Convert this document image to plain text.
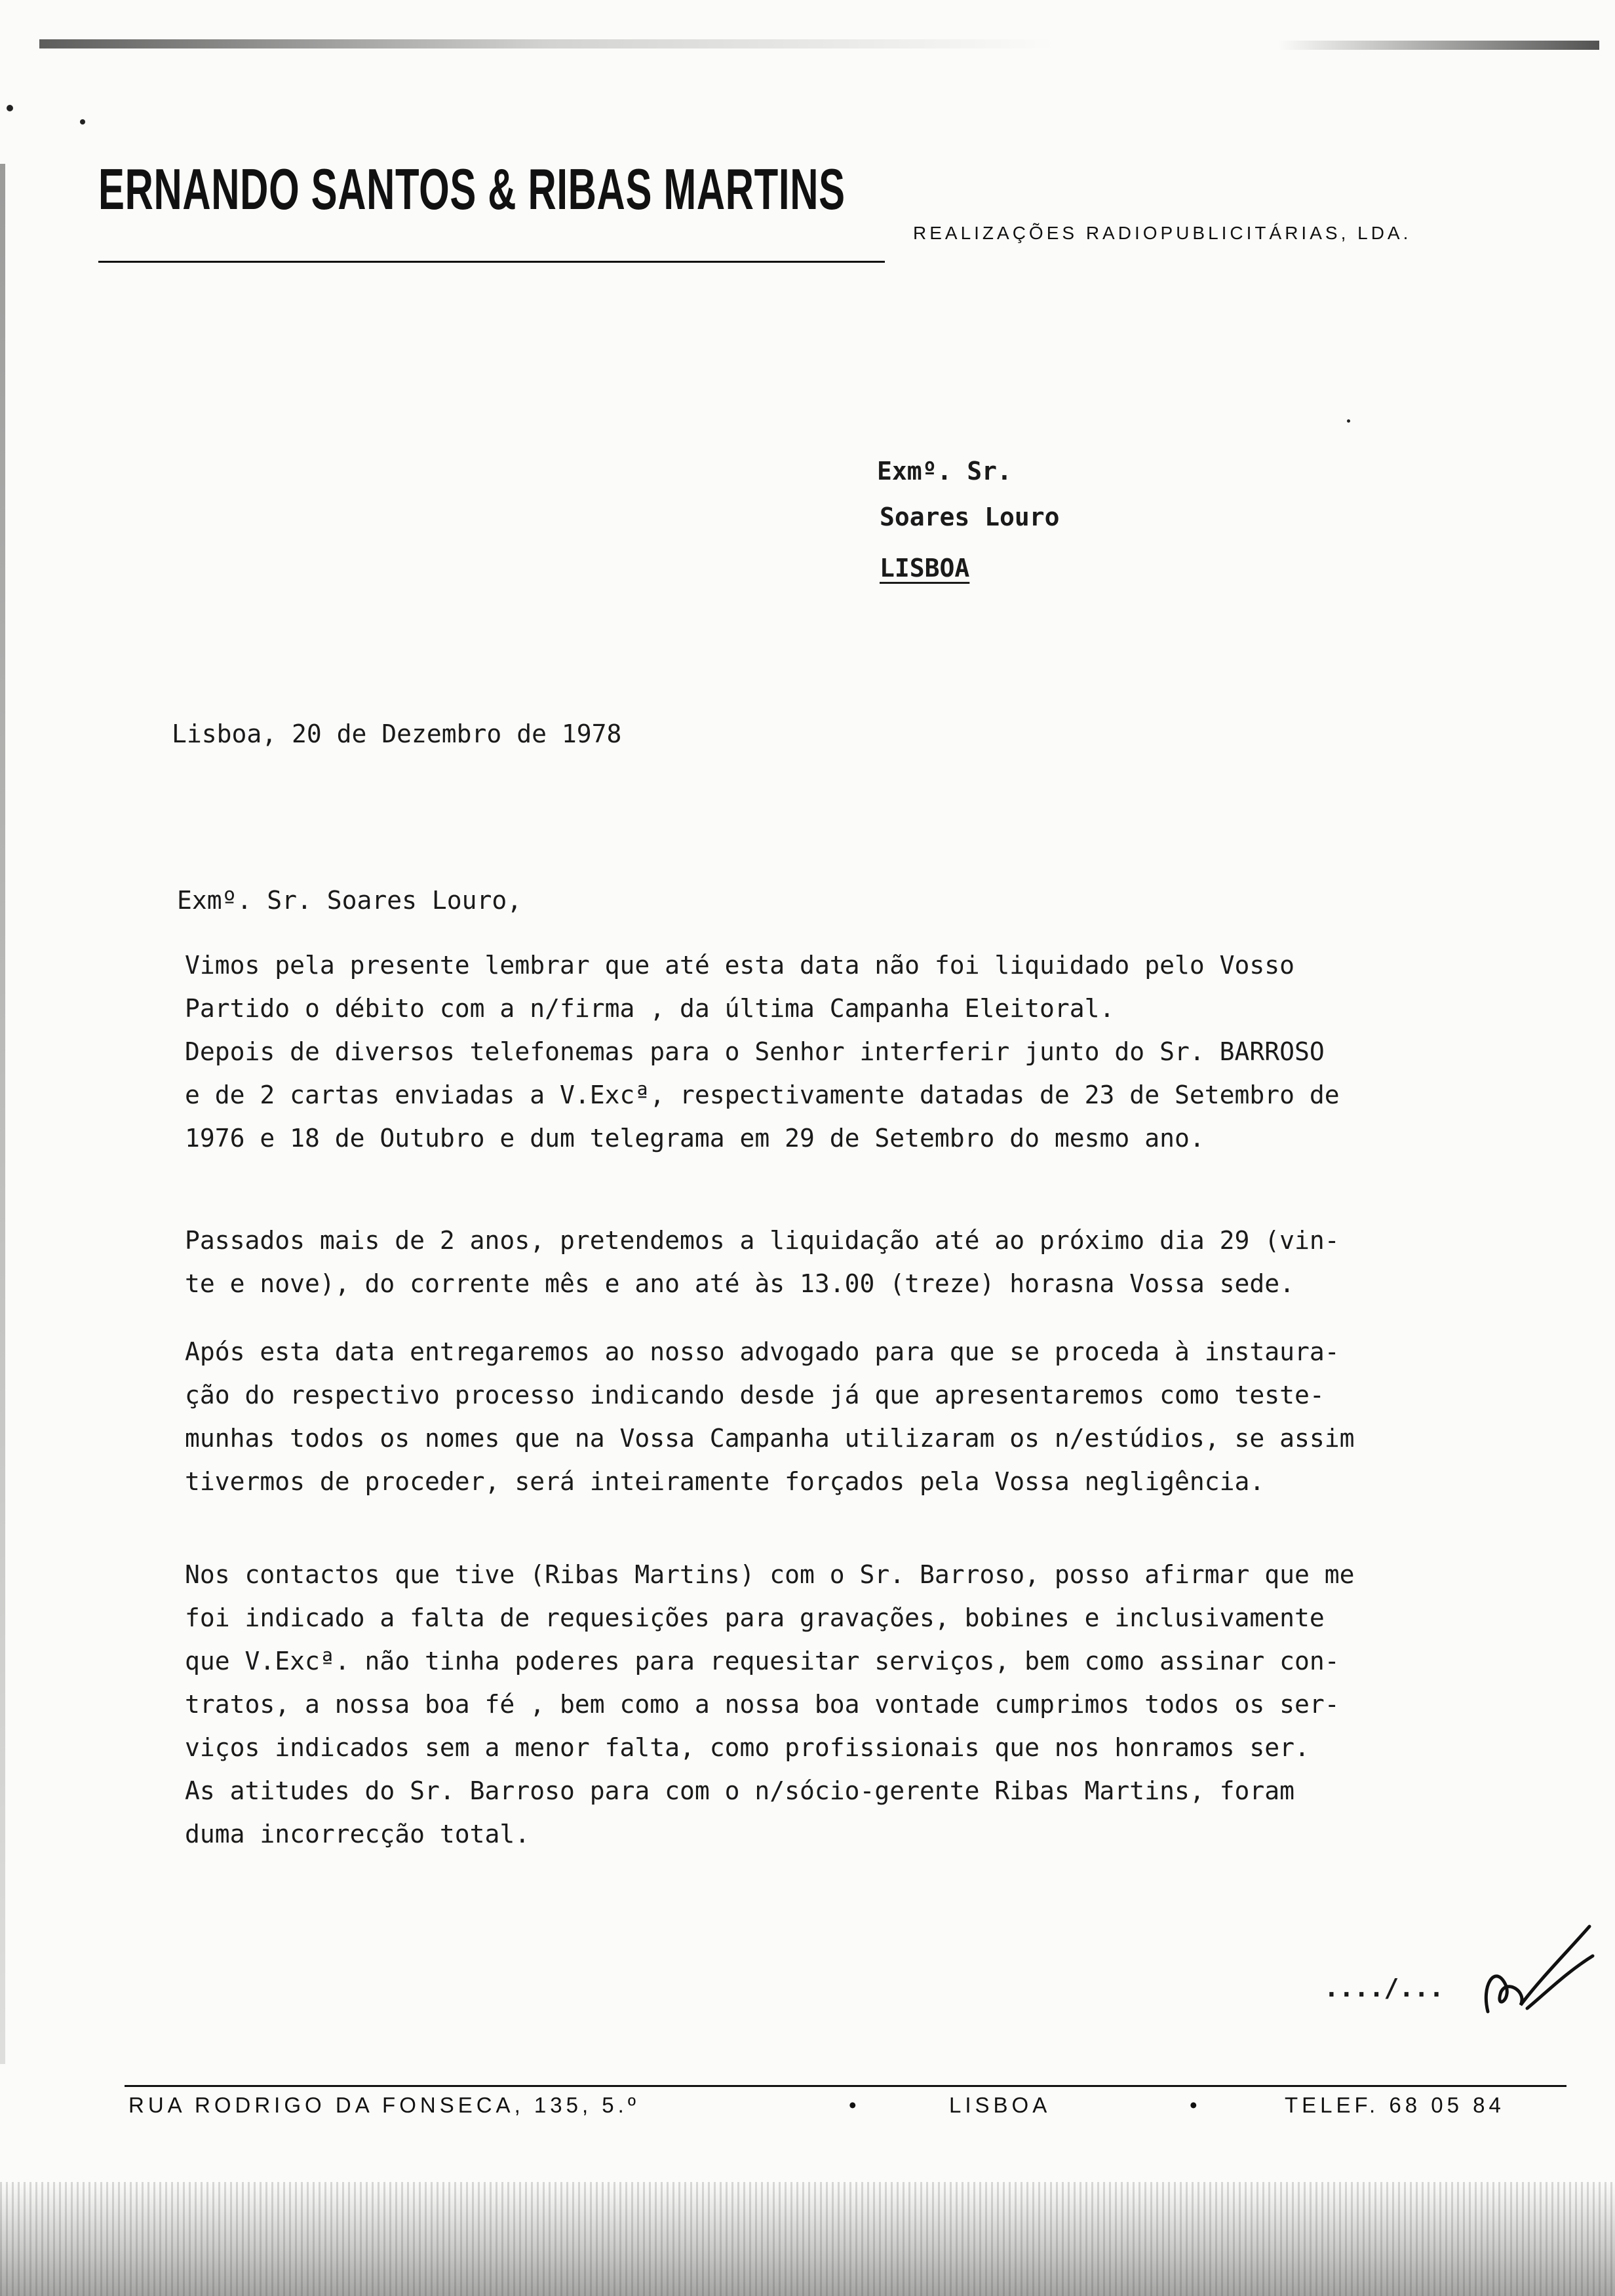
ERNANDO SANTOS & RIBAS MARTINS
REALIZAÇÕES RADIOPUBLICITÁRIAS, LDA.
Exmº. Sr.
Soares Louro
LISBOA
Lisboa, 20 de Dezembro de 1978
Exmº. Sr. Soares Louro,
Vimos pela presente lembrar que até esta data não foi liquidado pelo Vosso
Partido o débito com a n/firma , da última Campanha Eleitoral.
Depois de diversos telefonemas para o Senhor interferir junto do Sr. BARROSO
e de 2 cartas enviadas a V.Excª, respectivamente datadas de 23 de Setembro de
1976 e 18 de Outubro e dum telegrama em 29 de Setembro do mesmo ano.
Passados mais de 2 anos, pretendemos a liquidação até ao próximo dia 29 (vin-
te e nove), do corrente mês e ano até às 13.00 (treze) horasna Vossa sede.
Após esta data entregaremos ao nosso advogado para que se proceda à instaura-
ção do respectivo processo indicando desde já que apresentaremos como teste-
munhas todos os nomes que na Vossa Campanha utilizaram os n/estúdios, se assim
tivermos de proceder, será inteiramente forçados pela Vossa negligência.
Nos contactos que tive (Ribas Martins) com o Sr. Barroso, posso afirmar que me
foi indicado a falta de requesições para gravações, bobines e inclusivamente
que V.Excª. não tinha poderes para requesitar serviços, bem como assinar con-
tratos, a nossa boa fé , bem como a nossa boa vontade cumprimos todos os ser-
viços indicados sem a menor falta, como profissionais que nos honramos ser.
As atitudes do Sr. Barroso para com o n/sócio-gerente Ribas Martins, foram
duma incorrecção total.
..../...
RUA RODRIGO DA FONSECA, 135, 5.º	•	LISBOA	•	TELEF. 68 05 84
